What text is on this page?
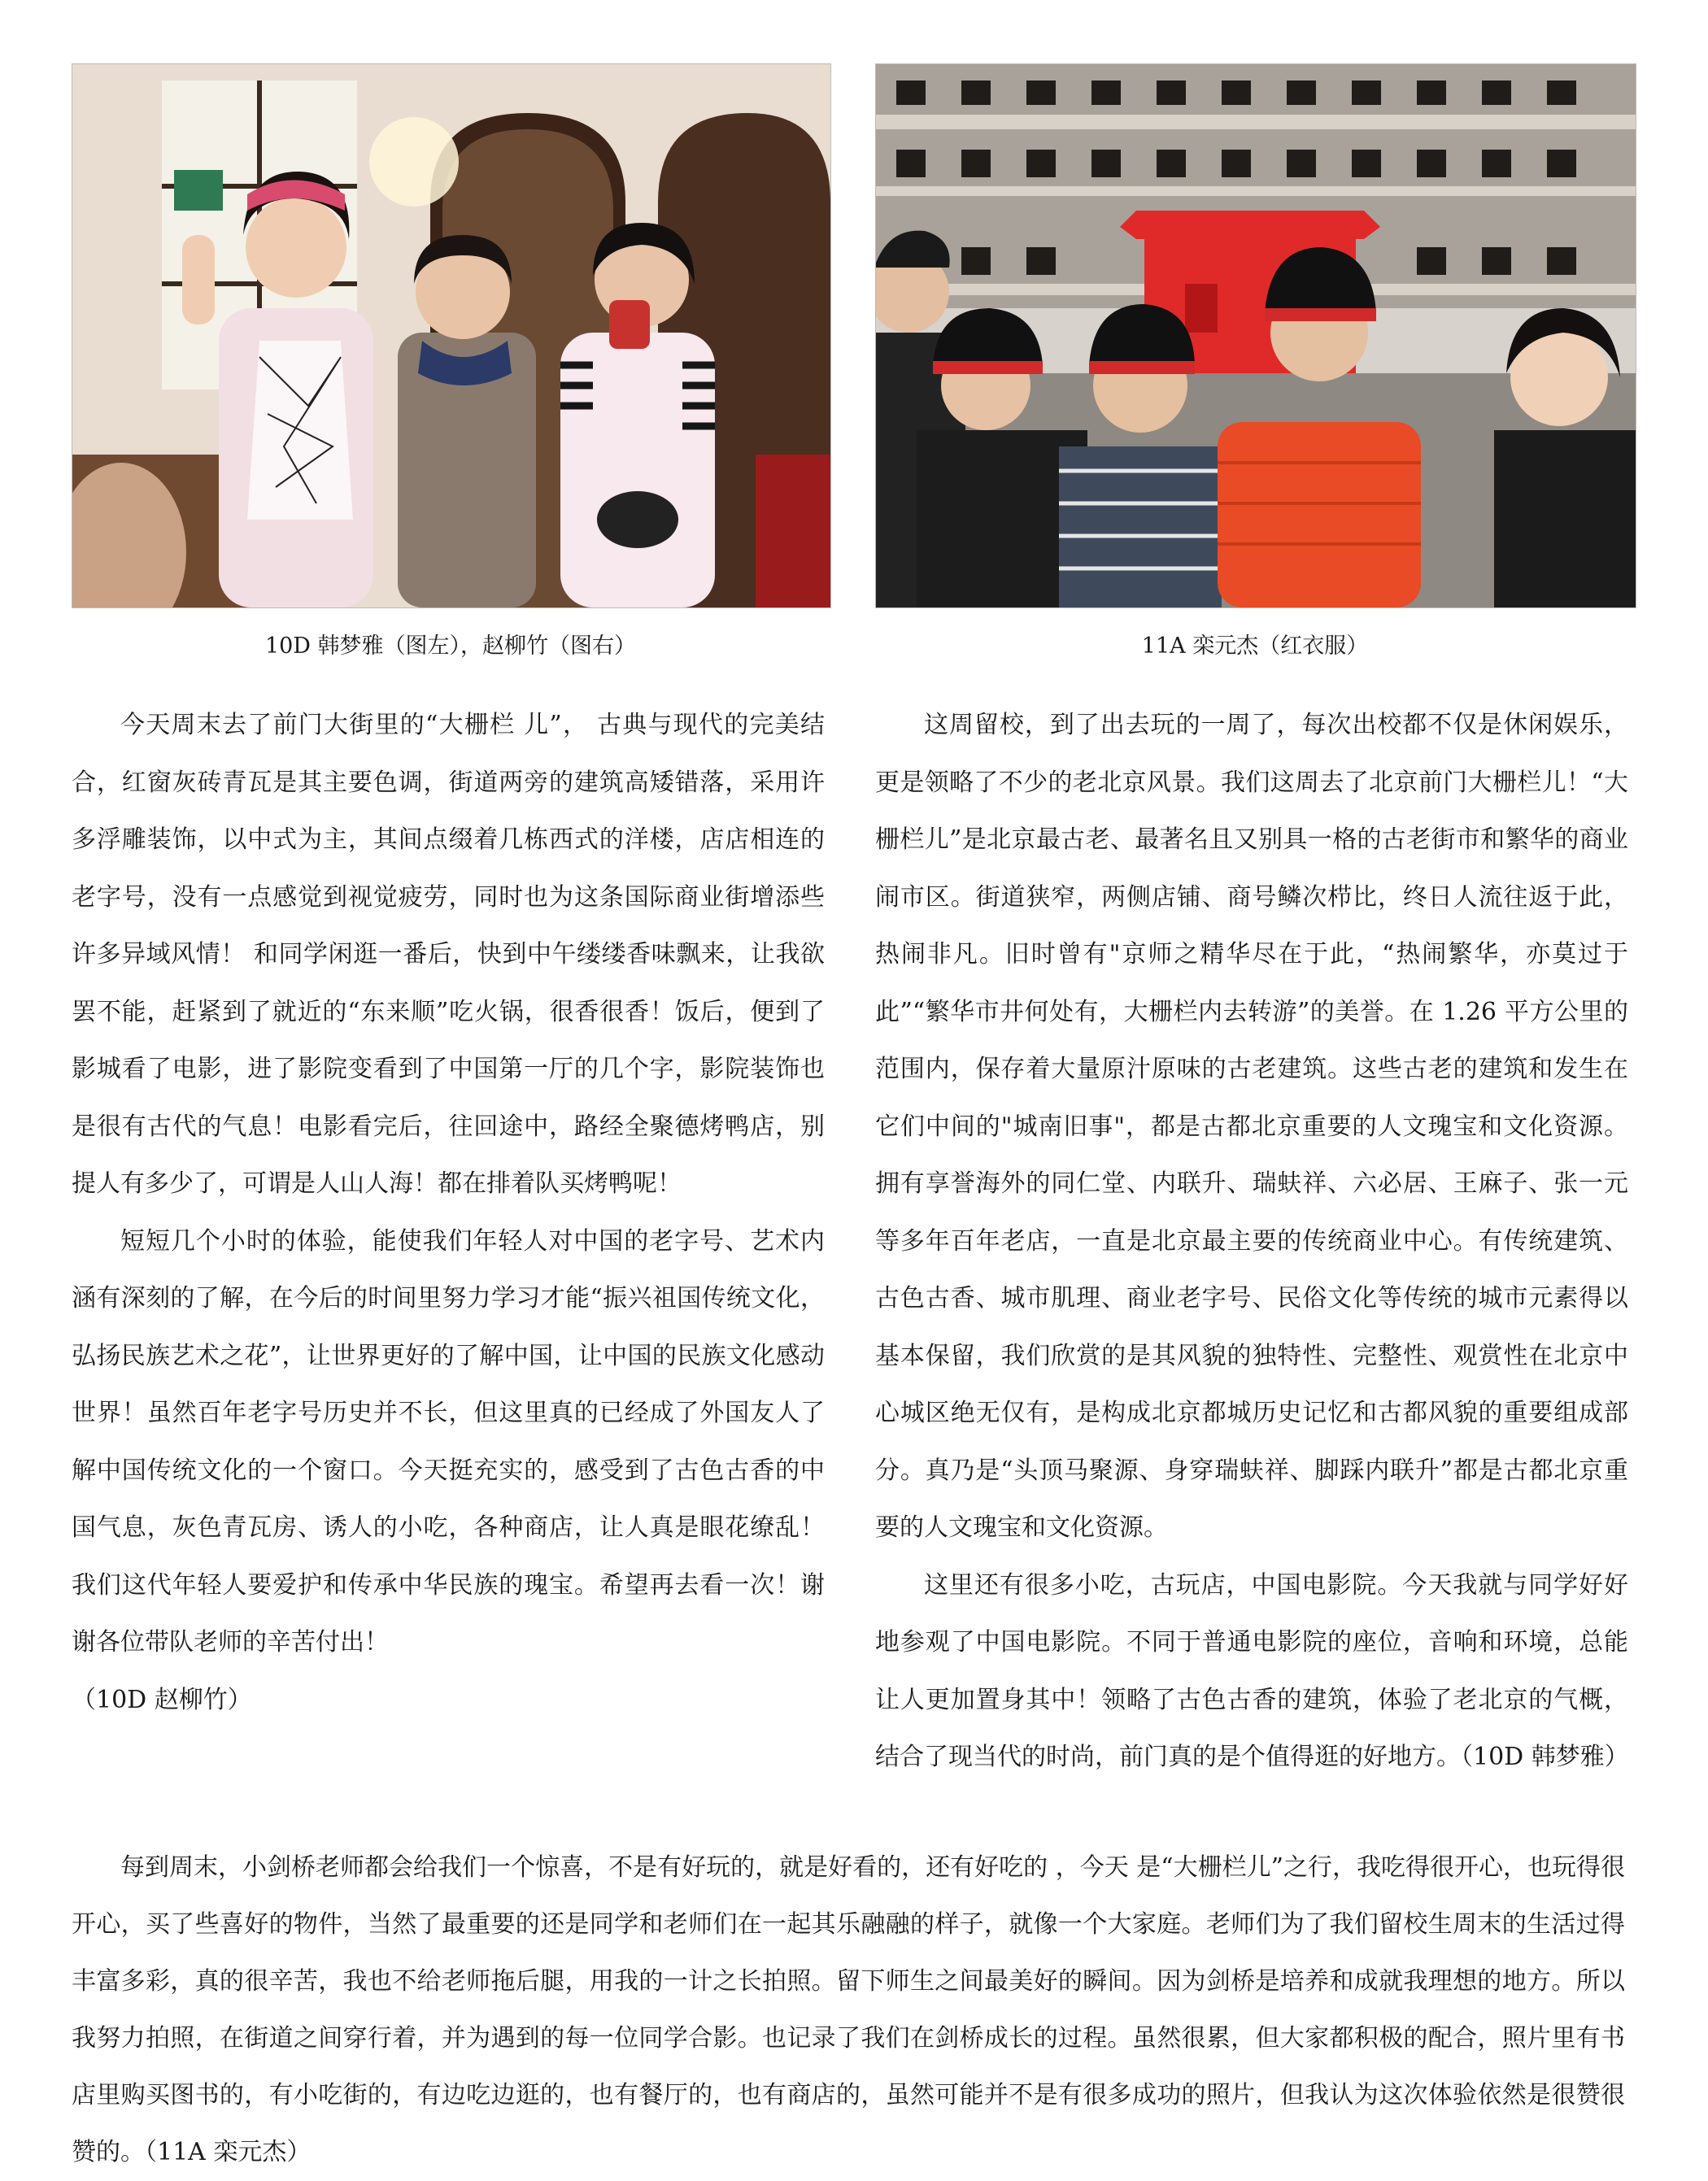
10D 韩梦雅（图左），赵柳竹（图右）	11A 栾元杰（红衣服）

今天周末去了前门大街里的“大栅栏 儿”， 古典与现代的完美结合，红窗灰砖青瓦是其主要色调，街道两旁的建筑高矮错落，采用许多浮雕装饰，以中式为主，其间点缀着几栋西式的洋楼，店店相连的老字号，没有一点感觉到视觉疲劳，同时也为这条国际商业街增添些许多异域风情！ 和同学闲逛一番后，快到中午缕缕香味飘来，让我欲罢不能，赶紧到了就近的“东来顺”吃火锅，很香很香！饭后，便到了影城看了电影，进了影院变看到了中国第一厅的几个字，影院装饰也是很有古代的气息！电影看完后，往回途中，路经全聚德烤鸭店，别提人有多少了，可谓是人山人海！都在排着队买烤鸭呢！

短短几个小时的体验，能使我们年轻人对中国的老字号、艺术内涵有深刻的了解，在今后的时间里努力学习才能“振兴祖国传统文化，弘扬民族艺术之花”，让世界更好的了解中国，让中国的民族文化感动世界！虽然百年老字号历史并不长，但这里真的已经成了外国友人了解中国传统文化的一个窗口。今天挺充实的，感受到了古色古香的中国气息，灰色青瓦房、诱人的小吃，各种商店，让人真是眼花缭乱！我们这代年轻人要爱护和传承中华民族的瑰宝。希望再去看一次！谢谢各位带队老师的辛苦付出！

（10D 赵柳竹）

这周留校，到了出去玩的一周了，每次出校都不仅是休闲娱乐，更是领略了不少的老北京风景。我们这周去了北京前门大栅栏儿！“大栅栏儿”是北京最古老、最著名且又别具一格的古老街市和繁华的商业闹市区。街道狭窄，两侧店铺、商号鳞次栉比，终日人流往返于此，热闹非凡。旧时曾有"京师之精华尽在于此，“热闹繁华，亦莫过于此”“繁华市井何处有，大栅栏内去转游”的美誉。在 1.26 平方公里的范围内，保存着大量原汁原味的古老建筑。这些古老的建筑和发生在它们中间的"城南旧事"，都是古都北京重要的人文瑰宝和文化资源。拥有享誉海外的同仁堂、内联升、瑞蚨祥、六必居、王麻子、张一元等多年百年老店，一直是北京最主要的传统商业中心。有传统建筑、古色古香、城市肌理、商业老字号、民俗文化等传统的城市元素得以基本保留，我们欣赏的是其风貌的独特性、完整性、观赏性在北京中心城区绝无仅有，是构成北京都城历史记忆和古都风貌的重要组成部分。真乃是“头顶马聚源、身穿瑞蚨祥、脚踩内联升”都是古都北京重要的人文瑰宝和文化资源。

这里还有很多小吃，古玩店，中国电影院。今天我就与同学好好地参观了中国电影院。不同于普通电影院的座位，音响和环境，总能让人更加置身其中！领略了古色古香的建筑，体验了老北京的气概，结合了现当代的时尚，前门真的是个值得逛的好地方。（10D 韩梦雅）

每到周末，小剑桥老师都会给我们一个惊喜，不是有好玩的，就是好看的，还有好吃的 ，今天 是“大栅栏儿”之行，我吃得很开心，也玩得很开心，买了些喜好的物件，当然了最重要的还是同学和老师们在一起其乐融融的样子，就像一个大家庭。老师们为了我们留校生周末的生活过得丰富多彩，真的很辛苦，我也不给老师拖后腿，用我的一计之长拍照。留下师生之间最美好的瞬间。因为剑桥是培养和成就我理想的地方。所以我努力拍照，在街道之间穿行着，并为遇到的每一位同学合影。也记录了我们在剑桥成长的过程。虽然很累，但大家都积极的配合，照片里有书店里购买图书的，有小吃街的，有边吃边逛的，也有餐厅的，也有商店的，虽然可能并不是有很多成功的照片，但我认为这次体验依然是很赞很赞的。（11A 栾元杰）
